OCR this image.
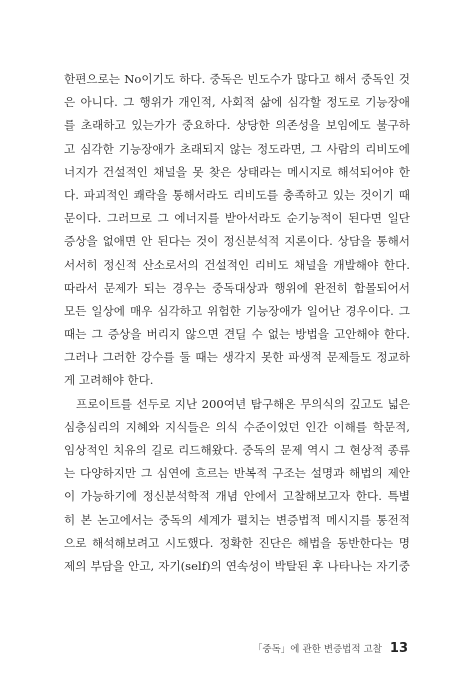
한편으로는 No이기도 하다. 중독은 빈도수가 많다고 해서 중독인 것
은 아니다. 그 행위가 개인적, 사회적 삶에 심각할 정도로 기능장애
를 초래하고 있는가가 중요하다. 상당한 의존성을 보임에도 불구하
고 심각한 기능장애가 초래되지 않는 정도라면, 그 사람의 리비도에
너지가 건설적인 채널을 못 찾은 상태라는 메시지로 해석되어야 한
다. 파괴적인 쾌락을 통해서라도 리비도를 충족하고 있는 것이기 때
문이다. 그러므로 그 에너지를 받아서라도 순기능적이 된다면 일단
증상을 없애면 안 된다는 것이 정신분석적 지론이다. 상담을 통해서
서서히 정신적 산소로서의 건설적인 리비도 채널을 개발해야 한다.
따라서 문제가 되는 경우는 중독대상과 행위에 완전히 함몰되어서
모든 일상에 매우 심각하고 위험한 기능장애가 일어난 경우이다. 그
때는 그 증상을 버리지 않으면 견딜 수 없는 방법을 고안해야 한다.
그러나 그러한 강수를 둘 때는 생각지 못한 파생적 문제들도 정교하
게 고려해야 한다.
프로이트를 선두로 지난 200여년 탐구해온 무의식의 깊고도 넓은
심층심리의 지혜와 지식들은 의식 수준이었던 인간 이해를 학문적,
임상적인 치유의 길로 리드해왔다. 중독의 문제 역시 그 현상적 종류
는 다양하지만 그 심연에 흐르는 반복적 구조는 설명과 해법의 제안
이 가능하기에 정신분석학적 개념 안에서 고찰해보고자 한다. 특별
히 본 논고에서는 중독의 세계가 펼치는 변증법적 메시지를 통전적
으로 해석해보려고 시도했다. 정확한 진단은 해법을 동반한다는 명
제의 부담을 안고, 자기(self)의 연속성이 박탈된 후 나타나는 자기중
「중독」에 관한 변증법적 고찰 13
